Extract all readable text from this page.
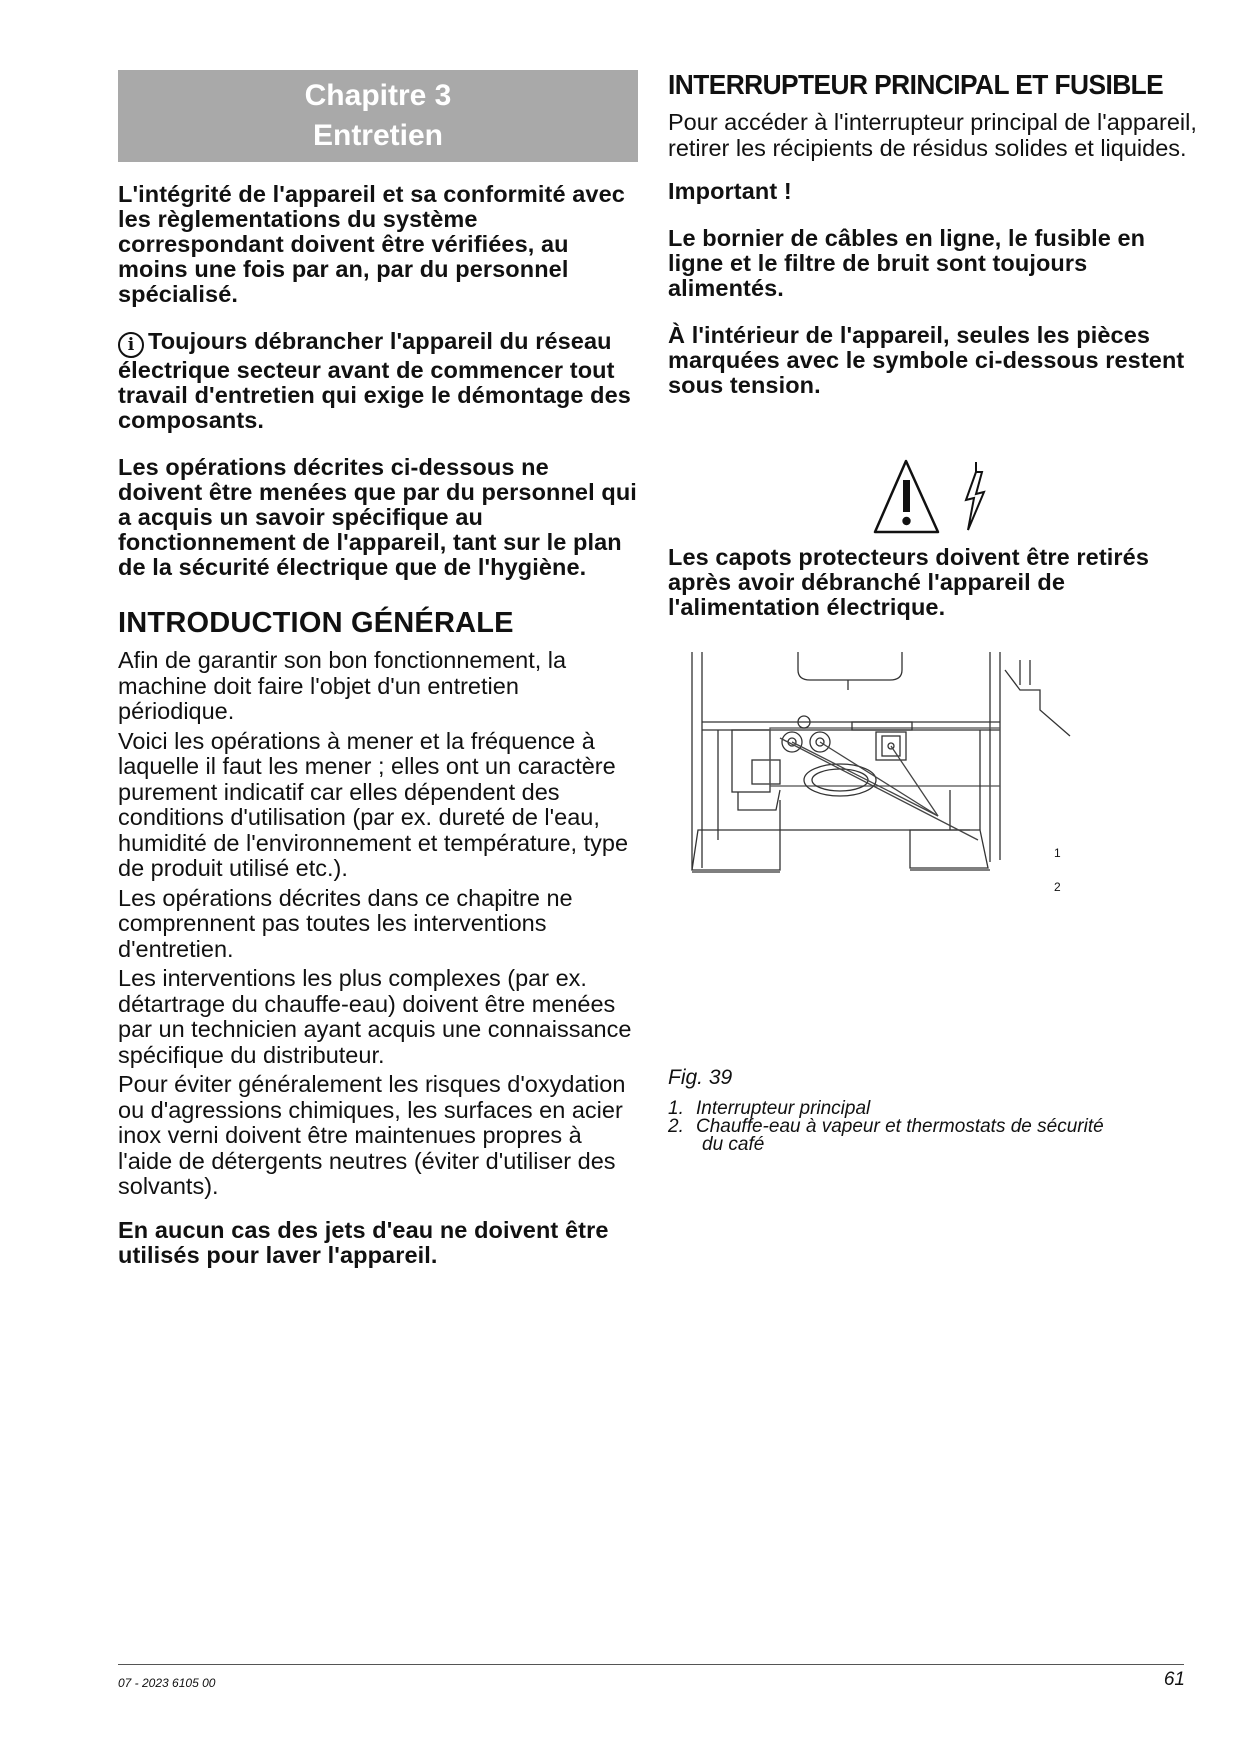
Chapitre 3
Entretien

L'intégrité de l'appareil et sa conformité avec les règlementations du système correspondant doivent être vérifiées, au moins une fois par an, par du personnel spécialisé.

i Toujours débrancher l'appareil du réseau électrique secteur avant de commencer tout travail d'entretien qui exige le démontage des composants.

Les opérations décrites ci-dessous ne doivent être menées que par du personnel qui a acquis un savoir spécifique au fonctionnement de l'appareil, tant sur le plan de la sécurité électrique que de l'hygiène.

INTRODUCTION GÉNÉRALE

Afin de garantir son bon fonctionnement, la machine doit faire l'objet d'un entretien périodique.

Voici les opérations à mener et la fréquence à laquelle il faut les mener ; elles ont un caractère purement indicatif car elles dépendent des conditions d'utilisation (par ex. dureté de l'eau, humidité de l'environnement et température, type de produit utilisé etc.).

Les opérations décrites dans ce chapitre ne comprennent pas toutes les interventions d'entretien.

Les interventions les plus complexes (par ex. détartrage du chauffe-eau) doivent être menées par un technicien ayant acquis une connaissance spécifique du distributeur.

Pour éviter généralement les risques d'oxydation ou d'agressions chimiques, les surfaces en acier inox verni doivent être maintenues propres à l'aide de détergents neutres (éviter d'utiliser des solvants).

En aucun cas des jets d'eau ne doivent être utilisés pour laver l'appareil.

INTERRUPTEUR PRINCIPAL ET FUSIBLE

Pour accéder à l'interrupteur principal de l'appareil, retirer les récipients de résidus solides et liquides.

Important !

Le bornier de câbles en ligne, le fusible en ligne et le filtre de bruit sont toujours alimentés.

À l'intérieur de l'appareil, seules les pièces marquées avec le symbole ci-dessous restent sous tension.

Les capots protecteurs doivent être retirés après avoir débranché l'appareil de l'alimentation électrique.

1
2
Fig. 39
1. Interrupteur principal
2. Chauffe-eau à vapeur et thermostats de sécurité
du café
07 - 2023 6105 00	61
